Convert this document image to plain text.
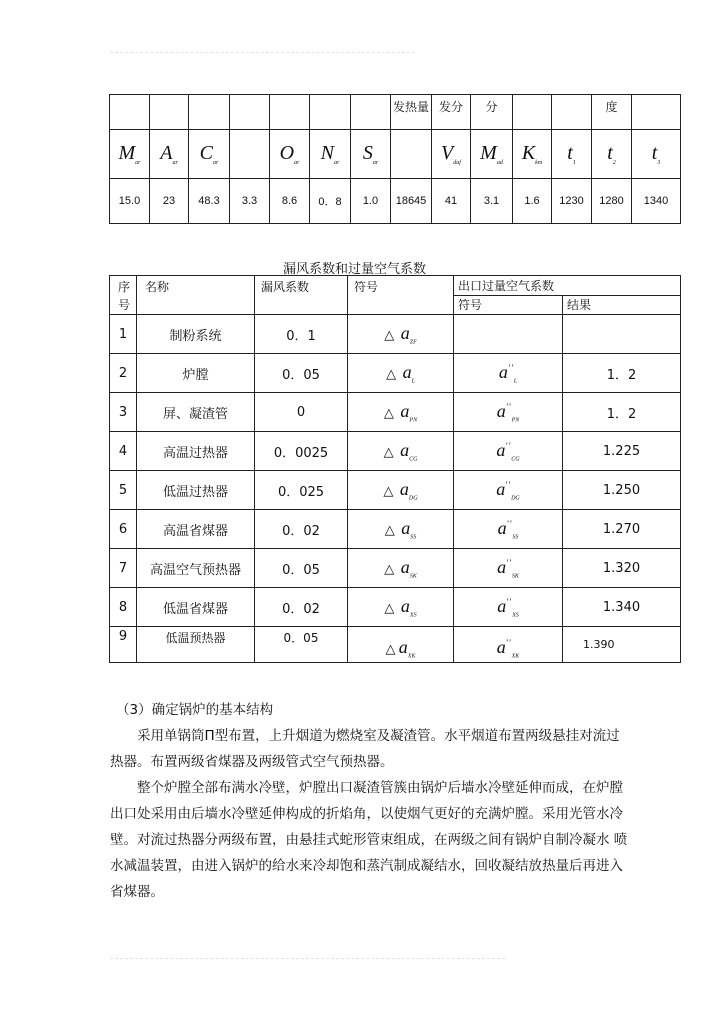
							发热量	发分	分			度	
$M_{ar}$	$A_{ar}$	$C_{ar}$		$O_{ar}$	$N_{ar}$	$S_{ar}$		$V_{daf}$	$M_{ad}$	$K_{km}$	$t_1$	$t_2$	$t_3$
15.0	23	48.3	3.3	8.6	0．8	1.0	18645	41	3.1	1.6	1230	1280	1340
漏风系数和过量空气系数
序
号	名称	漏风系数	符号	出口过量空气系数	
				符号	结果
1	制粉系统	0．1	△ $a_{ZF}$		
2	炉膛	0．05	△ $a_L$	$a''_L$	1．2
3	屏、凝渣管	0	△ $a_{PN}$	$a''_{PN}$	1．2
4	高温过热器	0．0025	△ $a_{CG}$	$a''_{CG}$	1.225
5	低温过热器	0．025	△ $a_{DG}$	$a''_{DG}$	1.250
6	高温省煤器	0．02	△ $a_{SS}$	$a''_{SS}$	1.270
7	高温空气预热器	0．05	△ $a_{SK}$	$a''_{SK}$	1.320
8	低温省煤器	0．02	△ $a_{XS}$	$a''_{XS}$	1.340
9	低温预热器	0．05	△ $a_{XK}$	$a''_{XK}$	1.390

（3）确定锅炉的基本结构

采用单锅筒П型布置，上升烟道为燃烧室及凝渣管。水平烟道布置两级悬挂对流过热器。布置两级省煤器及两级管式空气预热器。

整个炉膛全部布满水冷壁，炉膛出口凝渣管簇由锅炉后墙水冷壁延伸而成，在炉膛出口处采用由后墙水冷壁延伸构成的折焰角，以使烟气更好的充满炉膛。采用光管水冷壁。对流过热器分两级布置，由悬挂式蛇形管束组成，在两级之间有锅炉自制冷凝水 喷水减温装置，由进入锅炉的给水来冷却饱和蒸汽制成凝结水，回收凝结放热量后再进入省煤器。
